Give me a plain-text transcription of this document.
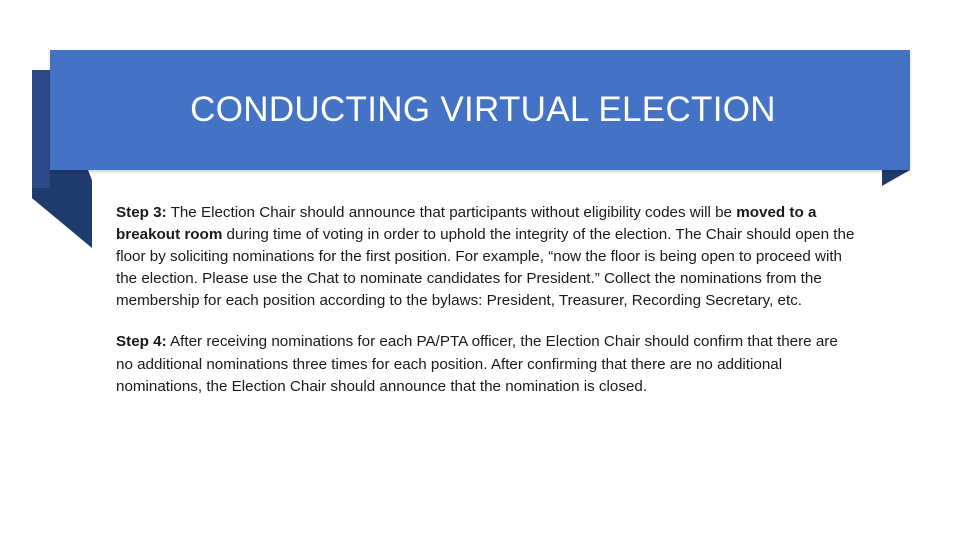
CONDUCTING VIRTUAL ELECTION

Step 3: The Election Chair should announce that participants without eligibility codes will be moved to a breakout room during time of voting in order to uphold the integrity of the election. The Chair should open the floor by soliciting nominations for the first position. For example, “now the floor is being open to proceed with the election. Please use the Chat to nominate candidates for President.” Collect the nominations from the membership for each position according to the bylaws: President, Treasurer, Recording Secretary, etc.

Step 4: After receiving nominations for each PA/PTA officer, the Election Chair should confirm that there are no additional nominations three times for each position. After confirming that there are no additional nominations, the Election Chair should announce that the nomination is closed.
